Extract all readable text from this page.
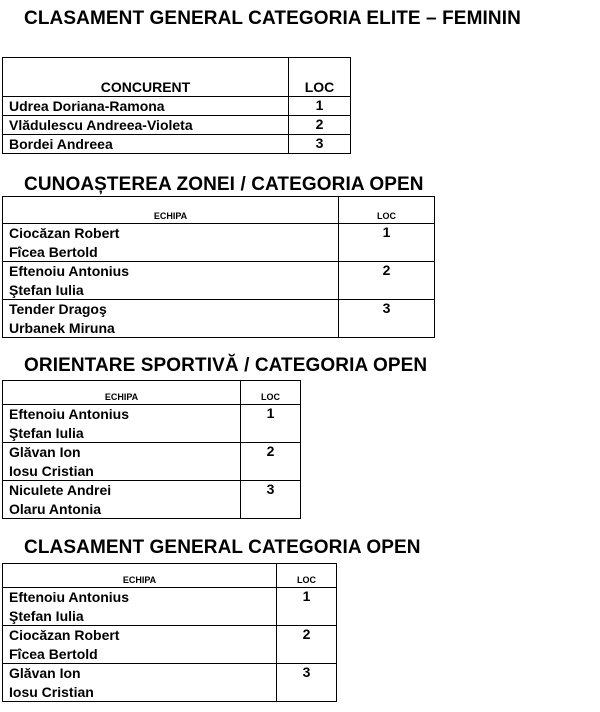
CLASAMENT GENERAL CATEGORIA ELITE – FEMININ
CONCURENT	LOC
Udrea Doriana-Ramona	1
Vlădulescu Andreea-Violeta	2
Bordei Andreea	3
CUNOAȘTEREA ZONEI / CATEGORIA OPEN
ECHIPA	LOC

Ciocăzan Robert
Fîcea Bertold	1

Eftenoiu Antonius
Ştefan Iulia	2

Tender Dragoş
Urbanek Miruna	3
ORIENTARE SPORTIVĂ / CATEGORIA OPEN
ECHIPA	LOC

Eftenoiu Antonius
Ştefan Iulia	1

Glăvan Ion
Iosu Cristian	2

Niculete Andrei
Olaru Antonia	3
CLASAMENT GENERAL CATEGORIA OPEN
ECHIPA	LOC

Eftenoiu Antonius
Ştefan Iulia	1

Ciocăzan Robert
Fîcea Bertold	2

Glăvan Ion
Iosu Cristian	3
